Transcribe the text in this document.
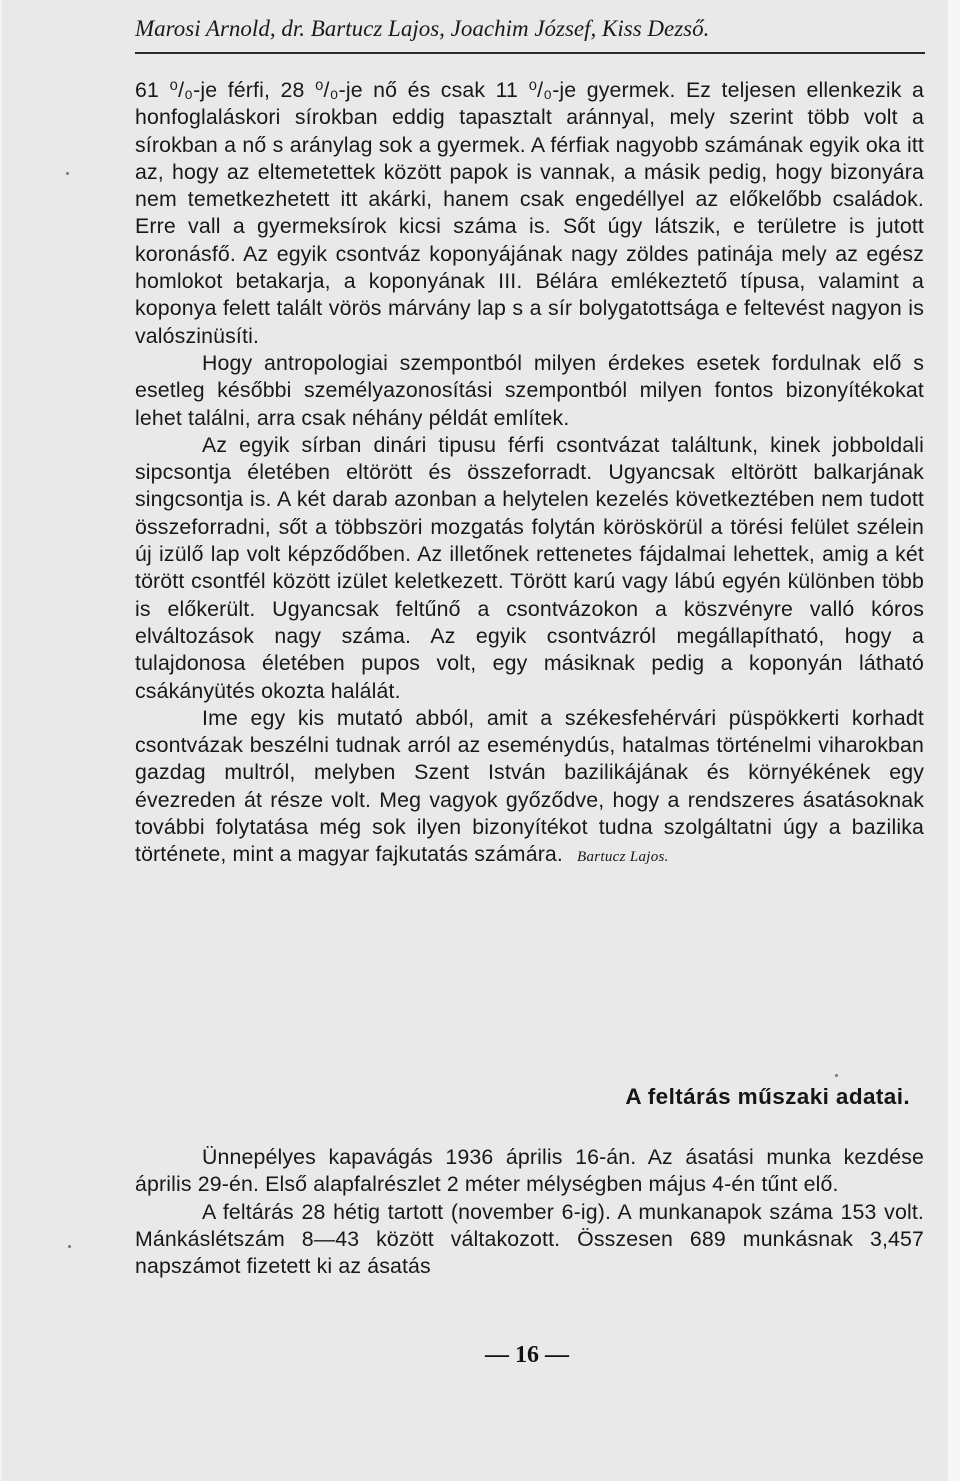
Marosi Arnold, dr. Bartucz Lajos, Joachim József, Kiss Dezső.

61 ⁰/₀-je férfi, 28 ⁰/₀-je nő és csak 11 ⁰/₀-je gyermek. Ez teljesen ellenkezik a honfoglaláskori sírokban eddig tapasztalt aránnyal, mely szerint több volt a sírokban a nő s aránylag sok a gyermek. A férfiak nagyobb számának egyik oka itt az, hogy az eltemetettek között papok is vannak, a másik pedig, hogy bizonyára nem temetkezhetett itt akárki, hanem csak engedéllyel az előkelőbb családok. Erre vall a gyermeksírok kicsi száma is. Sőt úgy látszik, e területre is jutott koronásfő. Az egyik csontváz koponyájának nagy zöldes patinája mely az egész homlokot betakarja, a koponyának III. Bélára emlékeztető típusa, valamint a koponya felett talált vörös márvány lap s a sír bolygatottsága e feltevést nagyon is valószinüsíti.

Hogy antropologiai szempontból milyen érdekes esetek fordulnak elő s esetleg későbbi személyazonosítási szempontból milyen fontos bizonyítékokat lehet találni, arra csak néhány példát említek.

Az egyik sírban dinári tipusu férfi csontvázat találtunk, kinek jobboldali sipcsontja életében eltörött és összeforradt. Ugyancsak eltörött balkarjának singcsontja is. A két darab azonban a helytelen kezelés következtében nem tudott összeforradni, sőt a többszöri mozgatás folytán köröskörül a törési felület szélein új izülő lap volt képződőben. Az illetőnek rettenetes fájdalmai lehettek, amig a két törött csontfél között izület keletkezett. Törött karú vagy lábú egyén különben több is előkerült. Ugyancsak feltűnő a csontvázokon a köszvényre valló kóros elváltozások nagy száma. Az egyik csontvázról megállapítható, hogy a tulajdonosa életében pupos volt, egy másiknak pedig a koponyán látható csákányütés okozta halálát.

Ime egy kis mutató abból, amit a székesfehérvári püspökkerti korhadt csontvázak beszélni tudnak arról az eseménydús, hatalmas történelmi viharokban gazdag multról, melyben Szent István bazilikájának és környékének egy évezreden át része volt. Meg vagyok győződve, hogy a rendszeres ásatásoknak további folytatása még sok ilyen bizonyítékot tudna szolgáltatni úgy a bazilika története, mint a magyar fajkutatás számára. Bartucz Lajos.

A feltárás műszaki adatai.

Ünnepélyes kapavágás 1936 április 16-án. Az ásatási munka kezdése április 29-én. Első alapfalrészlet 2 méter mélységben május 4-én tűnt elő.

A feltárás 28 hétig tartott (november 6-ig). A munkanapok száma 153 volt. Mánkáslétszám 8—43 között váltakozott. Összesen 689 munkásnak 3,457 napszámot fizetett ki az ásatás

— 16 —
